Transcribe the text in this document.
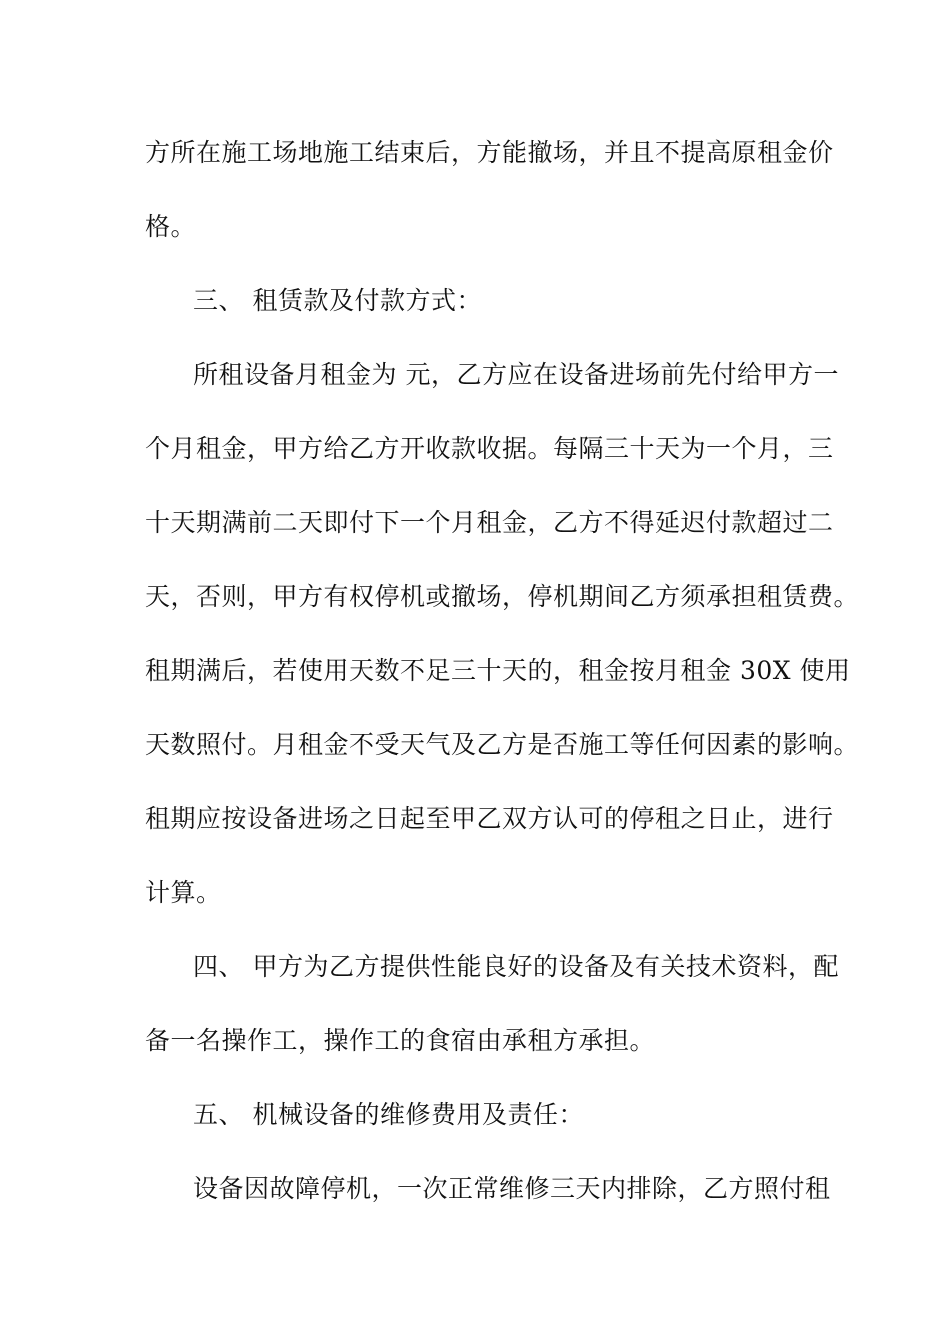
方所在施工场地施工结束后，方能撤场，并且不提高原租金价
格。
三、 租赁款及付款方式：
所租设备月租金为 元，乙方应在设备进场前先付给甲方一
个月租金，甲方给乙方开收款收据。每隔三十天为一个月，三
十天期满前二天即付下一个月租金，乙方不得延迟付款超过二
天，否则，甲方有权停机或撤场，停机期间乙方须承担租赁费。
租期满后，若使用天数不足三十天的，租金按月租金 30X 使用
天数照付。月租金不受天气及乙方是否施工等任何因素的影响。
租期应按设备进场之日起至甲乙双方认可的停租之日止，进行
计算。
四、 甲方为乙方提供性能良好的设备及有关技术资料，配
备一名操作工，操作工的食宿由承租方承担。
五、 机械设备的维修费用及责任：
设备因故障停机，一次正常维修三天内排除，乙方照付租
